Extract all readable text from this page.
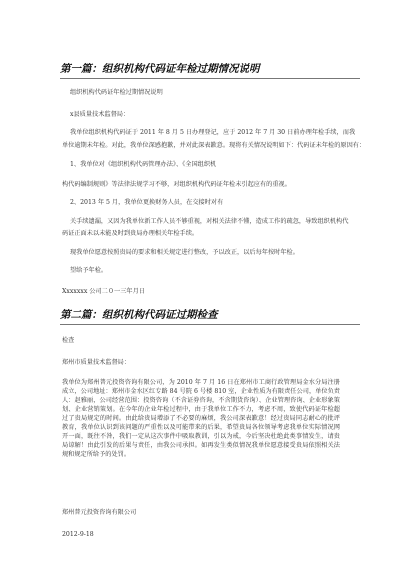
第一篇：组织机构代码证年检过期情况说明
组织机构代码证年检过期情况说明
x县质量技术监督局：
我单位组织机构代码证于 2011 年 8 月 5 日办理登记，应于 2012 年 7 月 30 日前办理年检手续，而我
单位逾期未年检。对此，我单位深感抱歉，并对此深表歉意。现将有关情况说明如下：代码证未年检的原因有：
1、我单位对《组织机构代码管理办法》、《全国组织机
构代码编制规则》等法律法规学习不够，对组织机构代码证年检未引起应有的重视。
2、2013 年 5 月，我单位更换财务人员，在交接时对有
关手续遗漏，又因为我单位新工作人员不够重视，对相关法律不懂，造成工作的疏忽，导致组织机构代
码证正面未以未能及时到贵局办理相关年检手续。
现我单位愿意按照贵局的要求和相关规定进行整改，予以改正，以后每年按时年检。
望给予年检。
Xxxxxxx 公司二０一三年月日
第二篇：组织机构代码证过期检查
检查
郑州市质量技术监督局：
我单位为郑州普元投资咨询有限公司，为 2010 年 7 月 16 日在郑州市工商行政管理局金水分局注册成立，公司地址：郑州市金水区红专路 84 号院 6 号楼 810 室，企业性质为有限责任公司，单位负责人：赵雅丽，公司经营范围：投资咨询（不含证券咨询，不含期货咨询）、企业管理咨询、企业形象策划、企业营销策划。在今年的企业年检过程中，由于我单位工作不力，考虑不周，致使代码证年检超过了贵局规定的时间。由此给贵局增添了不必要的麻烦，我公司深表歉意！经过贵局同志耐心的批评教育，我单位认识到该问题的严重性以及可能带来的后果，希望贵局各位领导考虑我单位实际情况网开一面，既往不咎，我们一定从这次事件中吸取教训，引以为戒，今后坚决杜绝此类事情发生，请贵局谅解！由此引发的后果与责任，由我公司承担。如再发生类似情况我单位愿意接受贵局依照相关法规和规定所给予的处罚。
郑州普元投资咨询有限公司
2012-9-18
